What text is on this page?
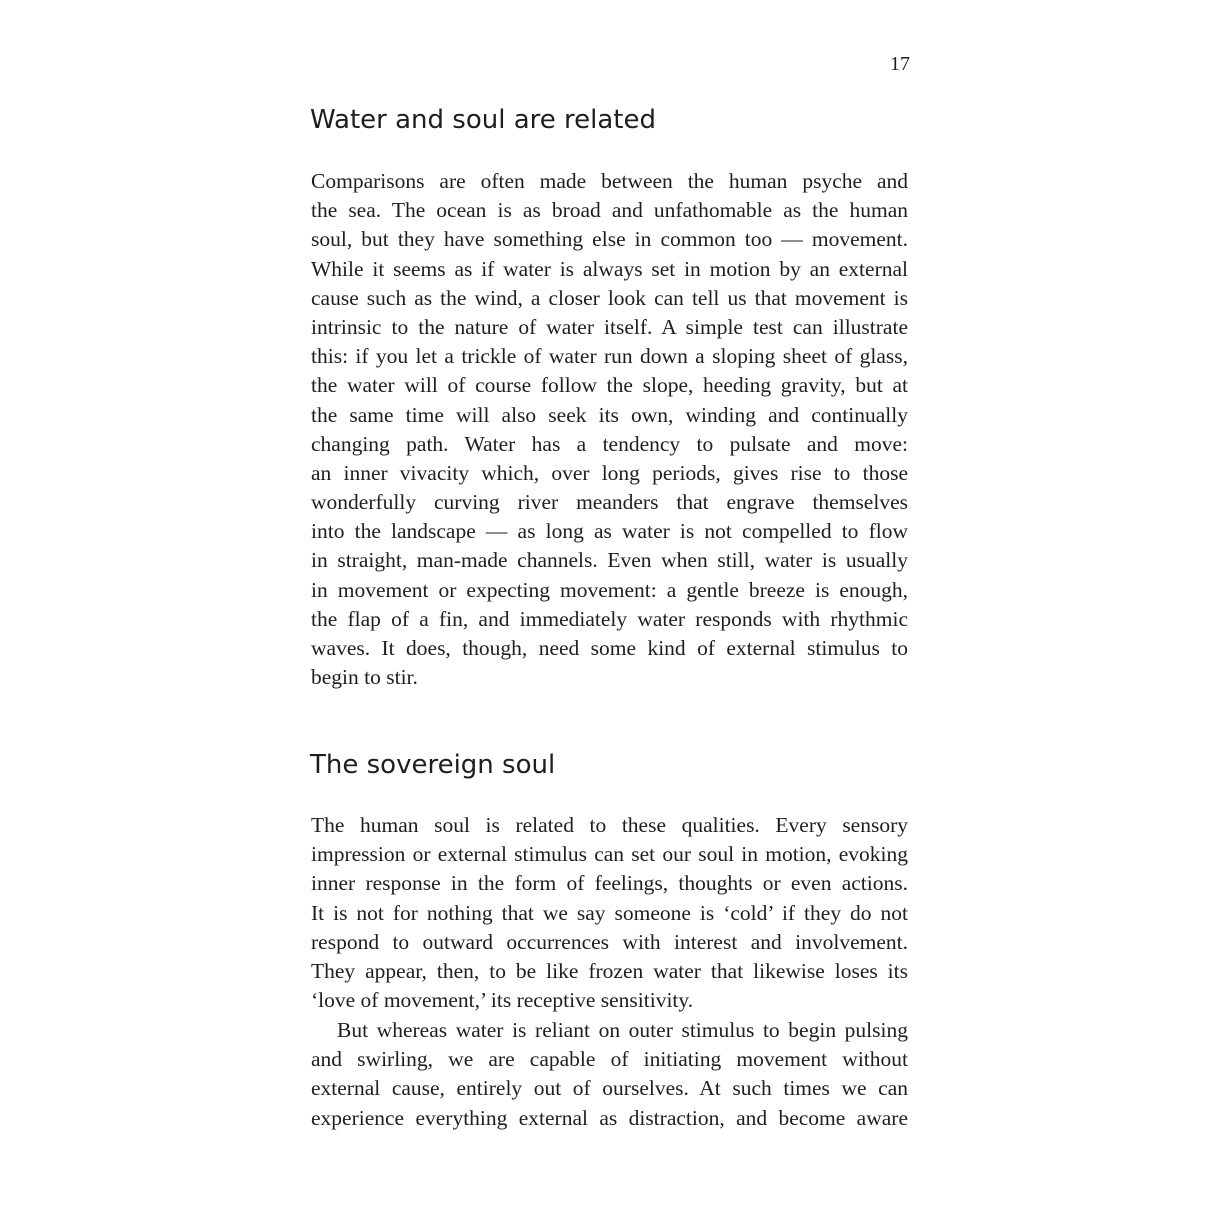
17
Water and soul are related
Comparisons are often made between the human psyche and
the sea. The ocean is as broad and unfathomable as the human
soul, but they have something else in common too — movement.
While it seems as if water is always set in motion by an external
cause such as the wind, a closer look can tell us that movement is
intrinsic to the nature of water itself. A simple test can illustrate
this: if you let a trickle of water run down a sloping sheet of glass,
the water will of course follow the slope, heeding gravity, but at
the same time will also seek its own, winding and continually
changing path. Water has a tendency to pulsate and move:
an inner vivacity which, over long periods, gives rise to those
wonderfully curving river meanders that engrave themselves
into the landscape — as long as water is not compelled to flow
in straight, man-made channels. Even when still, water is usually
in movement or expecting movement: a gentle breeze is enough,
the flap of a fin, and immediately water responds with rhythmic
waves. It does, though, need some kind of external stimulus to
begin to stir.
The sovereign soul
The human soul is related to these qualities. Every sensory
impression or external stimulus can set our soul in motion, evoking
inner response in the form of feelings, thoughts or even actions.
It is not for nothing that we say someone is ‘cold’ if they do not
respond to outward occurrences with interest and involvement.
They appear, then, to be like frozen water that likewise loses its
‘love of movement,’ its receptive sensitivity.
But whereas water is reliant on outer stimulus to begin pulsing
and swirling, we are capable of initiating movement without
external cause, entirely out of ourselves. At such times we can
experience everything external as distraction, and become aware
